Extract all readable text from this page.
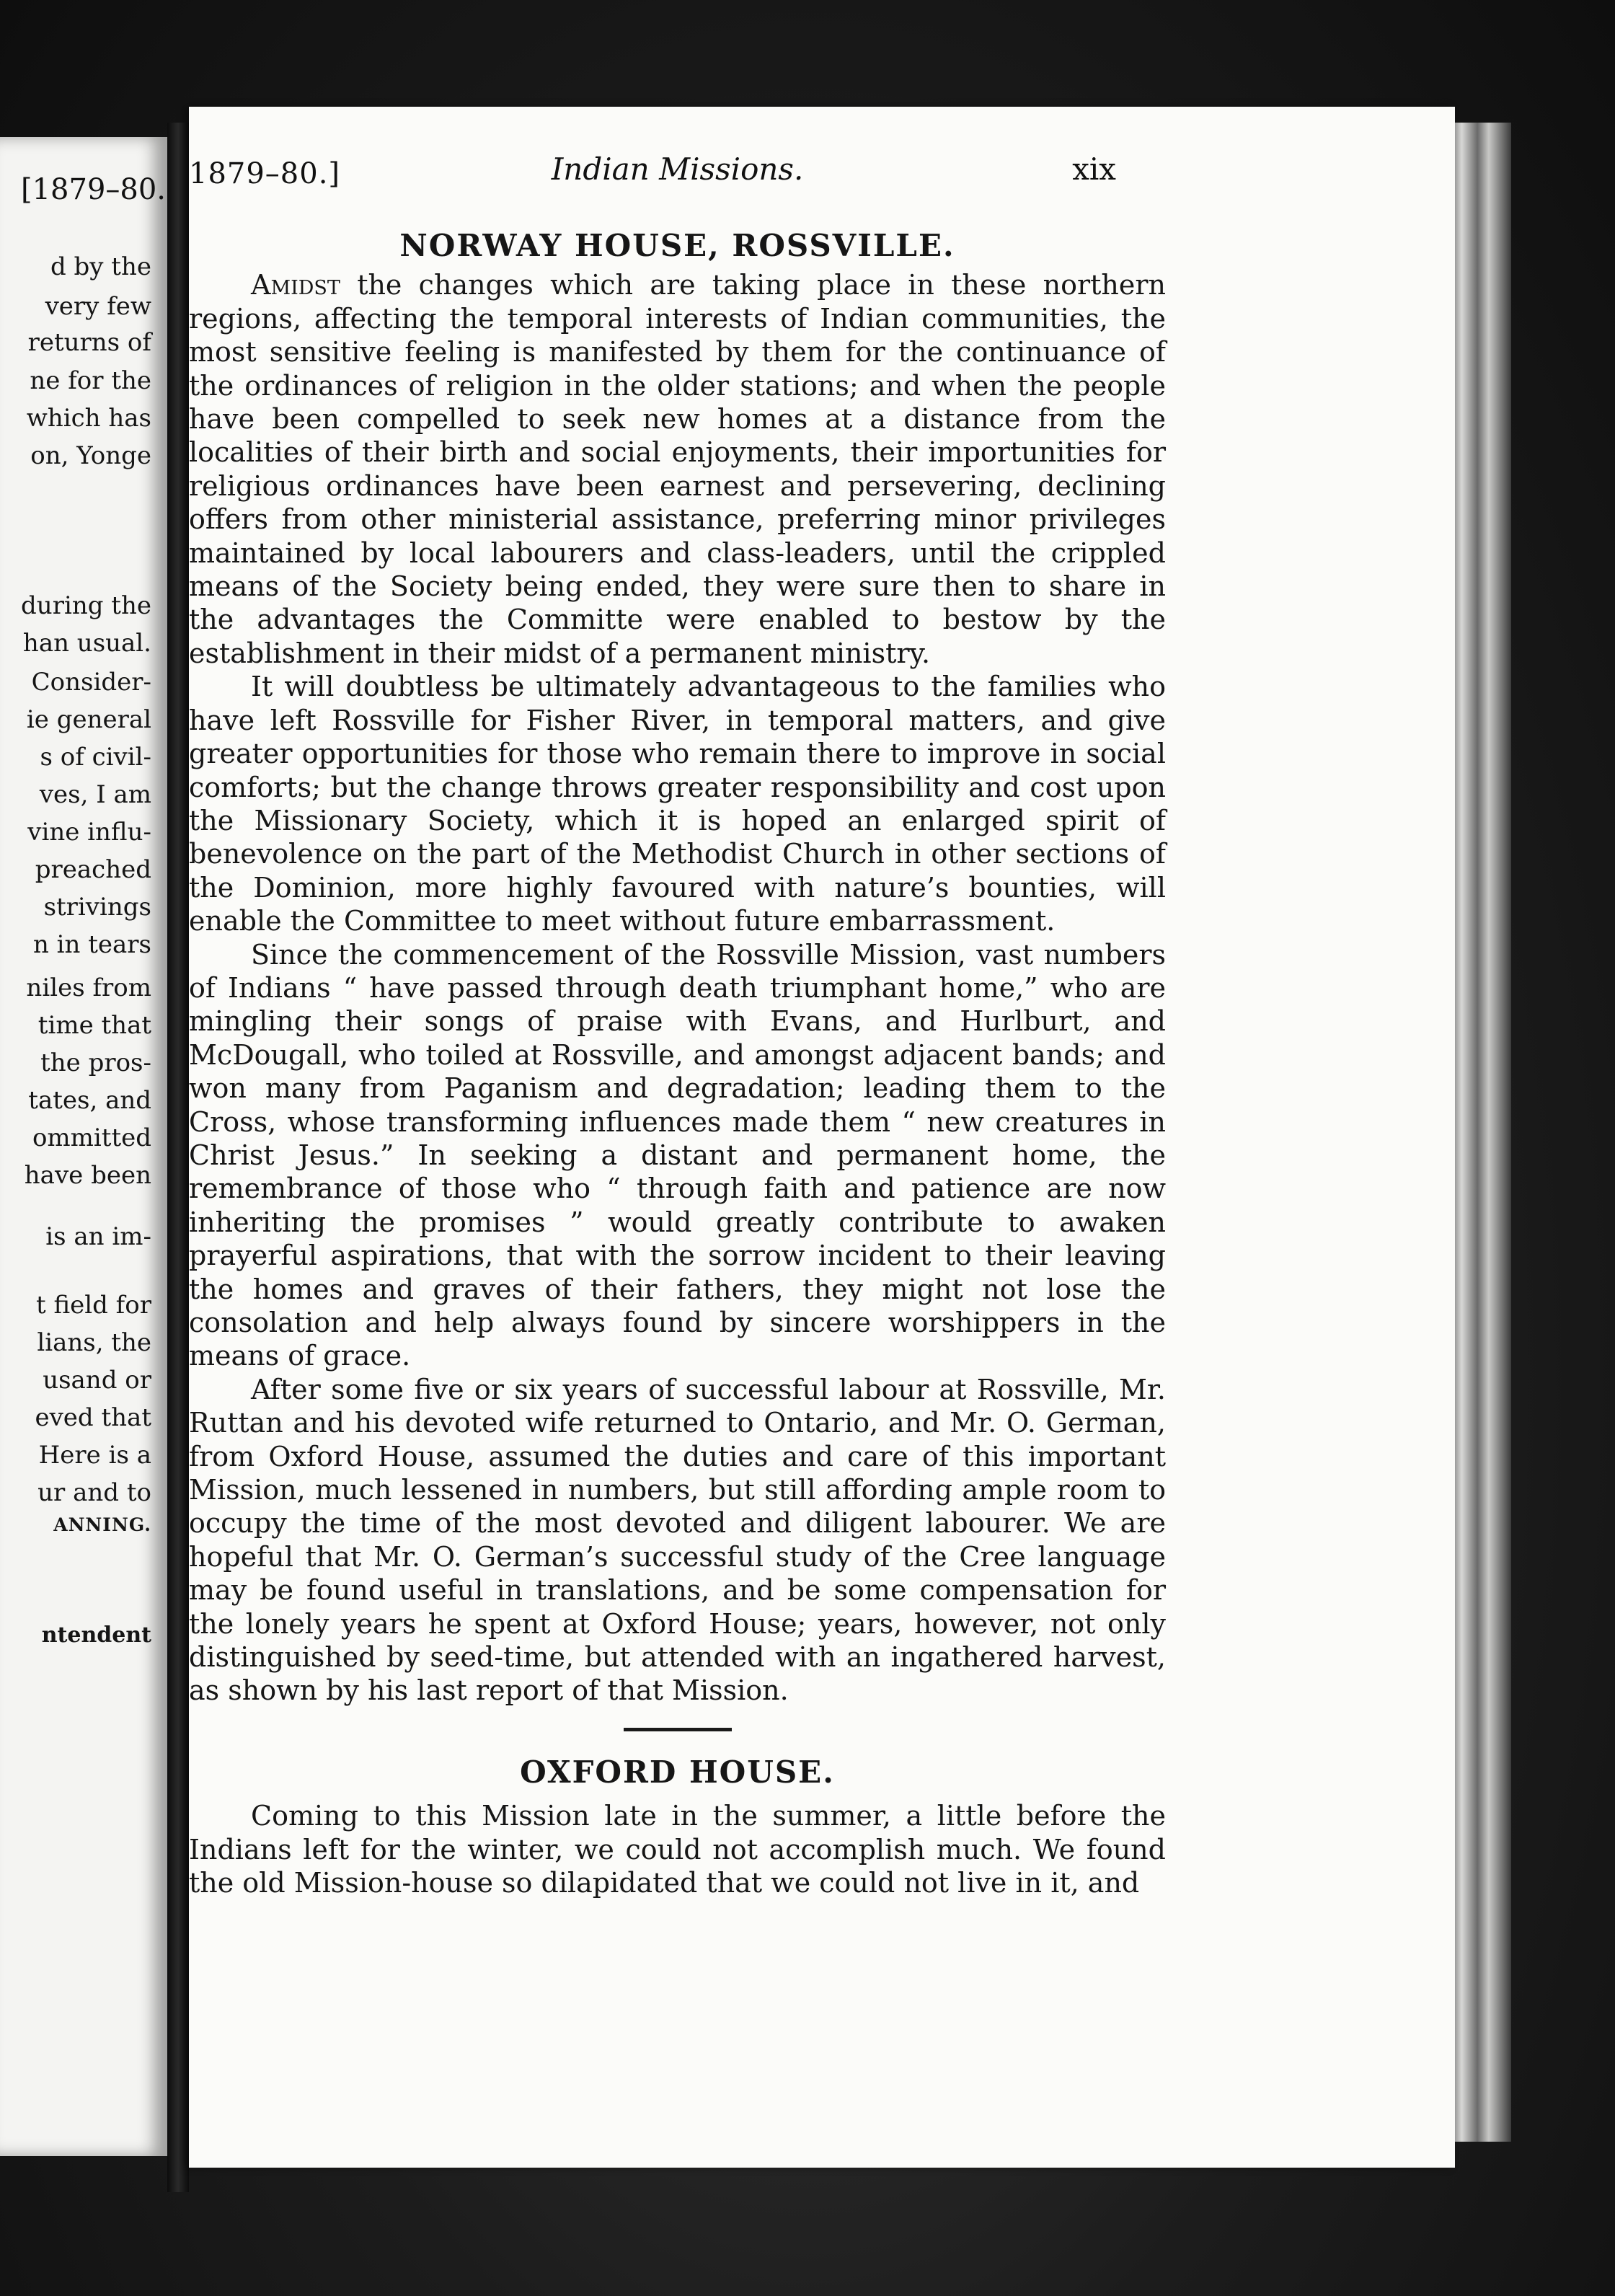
[1879–80.
d by the
very few
returns of
ne for the
which has
on, Yonge
during the
han usual.
Consider-
ie general
s of civil-
ves, I am
vine influ-
preached
strivings
n in tears
niles from
time that
the pros-
tates, and
ommitted
have been
is an im-
t field for
lians, the
usand or
eved that
Here is a
ur and to
ANNING.
ntendent
1879–80.]	Indian Missions.	xix
NORWAY HOUSE, ROSSVILLE.

Amidst the changes which are taking place in these northern regions, affecting the temporal interests of Indian communities, the most sensitive feeling is manifested by them for the continuance of the ordinances of religion in the older stations; and when the people have been compelled to seek new homes at a distance from the localities of their birth and social enjoyments, their importunities for religious ordinances have been earnest and persevering, declining offers from other ministerial assistance, preferring minor privileges maintained by local labourers and class-leaders, until the crippled means of the Society being ended, they were sure then to share in the advantages the Committe were enabled to bestow by the establishment in their midst of a permanent ministry.

It will doubtless be ultimately advantageous to the families who have left Rossville for Fisher River, in temporal matters, and give greater opportunities for those who remain there to improve in social comforts; but the change throws greater responsibility and cost upon the Missionary Society, which it is hoped an enlarged spirit of benevolence on the part of the Methodist Church in other sections of the Dominion, more highly favoured with nature’s bounties, will enable the Committee to meet without future embarrassment.

Since the commencement of the Rossville Mission, vast numbers of Indians “ have passed through death triumphant home,” who are mingling their songs of praise with Evans, and Hurlburt, and McDougall, who toiled at Rossville, and amongst adjacent bands; and won many from Paganism and degradation; leading them to the Cross, whose transforming influences made them “ new creatures in Christ Jesus.” In seeking a distant and permanent home, the remembrance of those who “ through faith and patience are now inheriting the promises ” would greatly contribute to awaken prayerful aspirations, that with the sorrow incident to their leaving the homes and graves of their fathers, they might not lose the consolation and help always found by sincere worshippers in the means of grace.

After some five or six years of successful labour at Rossville, Mr. Ruttan and his devoted wife returned to Ontario, and Mr. O. German, from Oxford House, assumed the duties and care of this important Mission, much lessened in numbers, but still affording ample room to occupy the time of the most devoted and diligent labourer. We are hopeful that Mr. O. German’s successful study of the Cree language may be found useful in translations, and be some compensation for the lonely years he spent at Oxford House; years, however, not only distinguished by seed-time, but attended with an ingathered harvest, as shown by his last report of that Mission.

OXFORD HOUSE.

Coming to this Mission late in the summer, a little before the Indians left for the winter, we could not accomplish much. We found the old Mission-house so dilapidated that we could not live in it, and
